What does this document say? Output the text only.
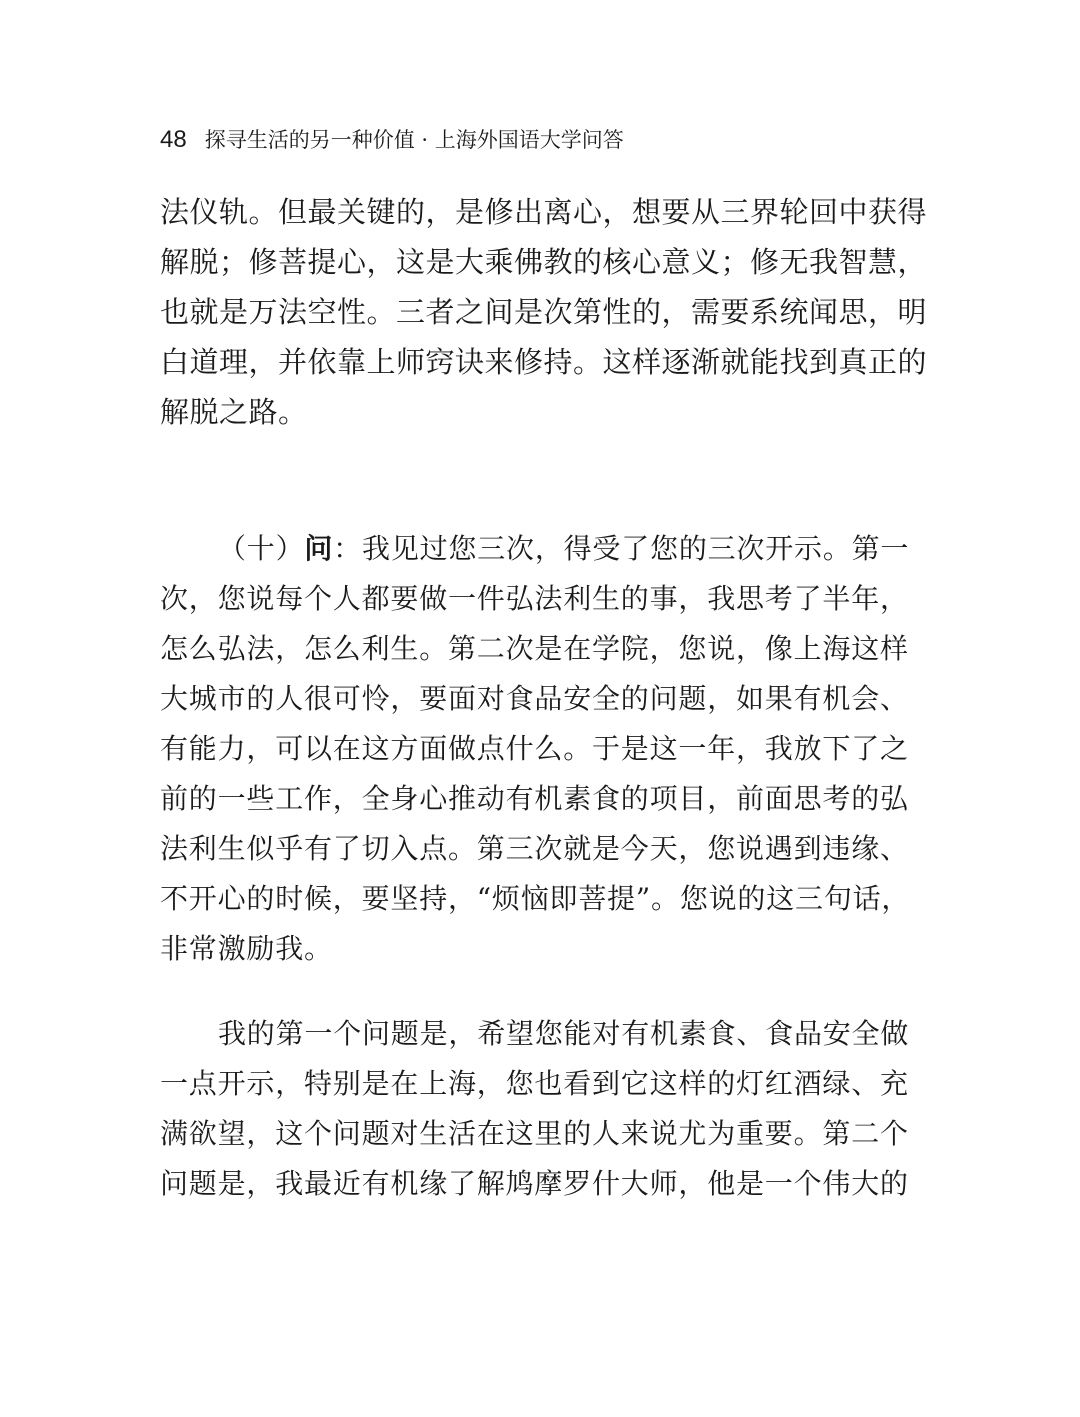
48 探寻生活的另一种价值 · 上海外国语大学问答
法仪轨。但最关键的，是修出离心，想要从三界轮回中获得
解脱；修菩提心，这是大乘佛教的核心意义；修无我智慧，
也就是万法空性。三者之间是次第性的，需要系统闻思，明
白道理，并依靠上师窍诀来修持。这样逐渐就能找到真正的
解脱之路。
（十）问：我见过您三次，得受了您的三次开示。第一
次，您说每个人都要做一件弘法利生的事，我思考了半年，
怎么弘法，怎么利生。第二次是在学院，您说，像上海这样
大城市的人很可怜，要面对食品安全的问题，如果有机会、
有能力，可以在这方面做点什么。于是这一年，我放下了之
前的一些工作，全身心推动有机素食的项目，前面思考的弘
法利生似乎有了切入点。第三次就是今天，您说遇到违缘、
不开心的时候，要坚持，“烦恼即菩提”。您说的这三句话，
非常激励我。
我的第一个问题是，希望您能对有机素食、食品安全做
一点开示，特别是在上海，您也看到它这样的灯红酒绿、充
满欲望，这个问题对生活在这里的人来说尤为重要。第二个
问题是，我最近有机缘了解鸠摩罗什大师，他是一个伟大的
